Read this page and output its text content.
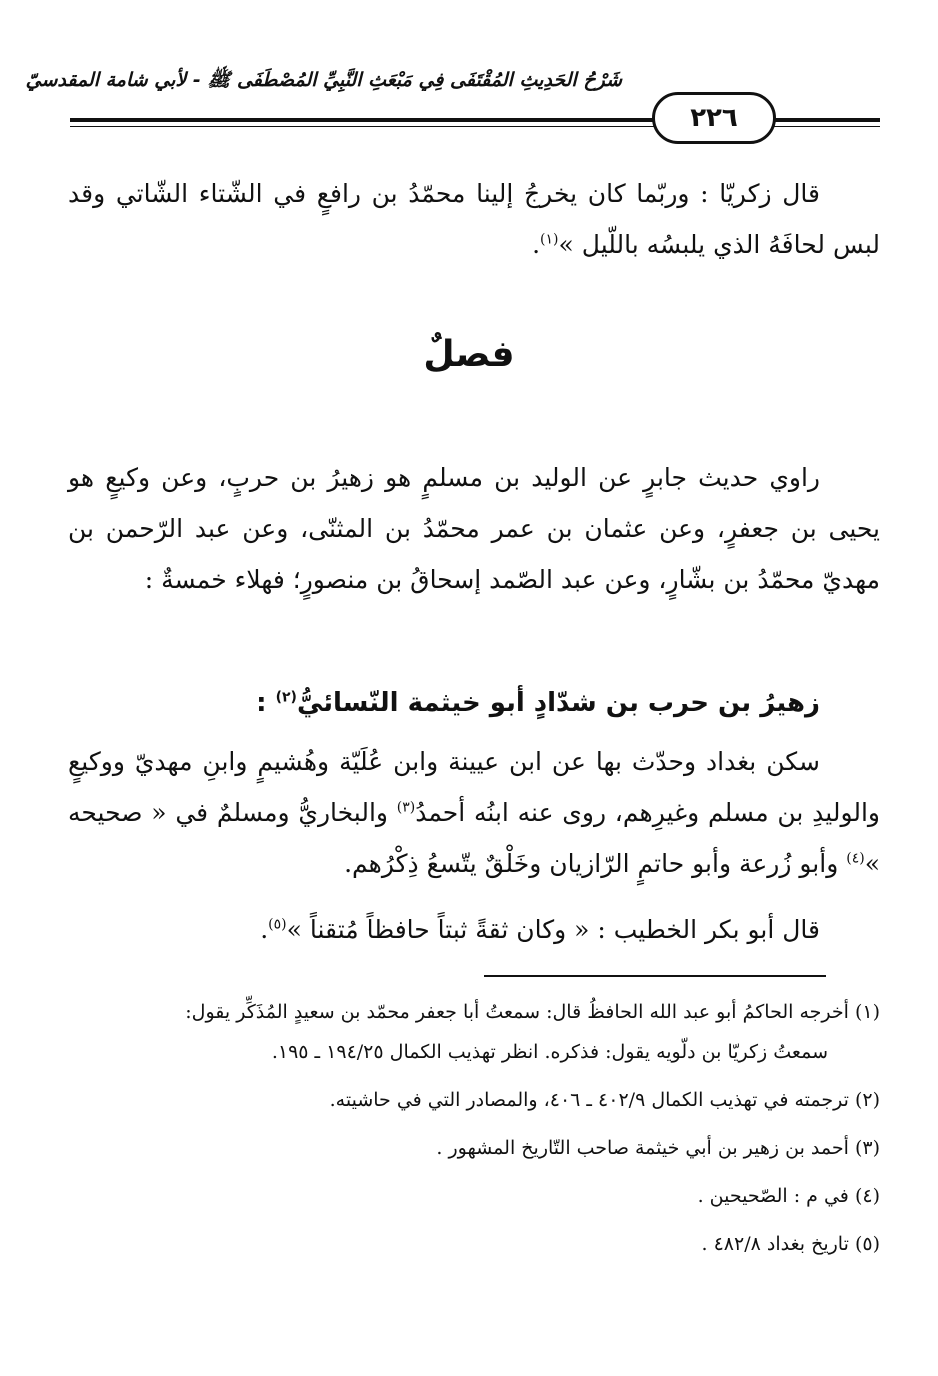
شَرْحُ الحَدِيثِ المُقْتَفَى فِي مَبْعَثِ النَّبِيِّ المُصْطَفَى ﷺ - لأبي شامة المقدسيّ
٢٢٦

قال زكريّا : وربّما كان يخرجُ إلينا محمّدُ بن رافعٍ في الشّتاء الشّاتي وقد لبس لحافَهُ الذي يلبسُه باللّيل »$^{(١)}$.

فصلٌ

راوي حديث جابرٍ عن الوليد بن مسلمٍ هو زهيرُ بن حربٍ، وعن وكيعٍ هو يحيى بن جعفرٍ، وعن عثمان بن عمر محمّدُ بن المثنّى، وعن عبد الرّحمن بن مهديّ محمّدُ بن بشّارٍ، وعن عبد الصّمد إسحاقُ بن منصورٍ؛ فهلاء خمسةٌ :

زهيرُ بن حرب بن شدّادٍ أبو خيثمة النّسائيُّ$^{(٢)}$ :

سكن بغداد وحدّث بها عن ابن عيينة وابن عُلَيّة وهُشيمٍ وابنِ مهديّ ووكيعٍ والوليدِ بن مسلم وغيرِهم، روى عنه ابنُه أحمدُ$^{(٣)}$ والبخاريُّ ومسلمٌ في « صحيحه »$^{(٤)}$ وأبو زُرعة وأبو حاتمٍ الرّازيان وخَلْقٌ يتّسعُ ذِكْرُهم.

قال أبو بكر الخطيب : « وكان ثقةً ثبتاً حافظاً مُتقناً »$^{(٥)}$.

(١) أخرجه الحاكمُ أبو عبد الله الحافظُ قال: سمعتُ أبا جعفر محمّد بن سعيدٍ المُذَكِّر يقول:
سمعتُ زكريّا بن دلّويه يقول: فذكره. انظر تهذيب الكمال ١٩٤/٢٥ ـ ١٩٥.
(٢) ترجمته في تهذيب الكمال ٤٠٢/٩ ـ ٤٠٦، والمصادر التي في حاشيته.
(٣) أحمد بن زهير بن أبي خيثمة صاحب التّاريخ المشهور .
(٤) في م : الصّحيحين .
(٥) تاريخ بغداد ٤٨٢/٨ .
